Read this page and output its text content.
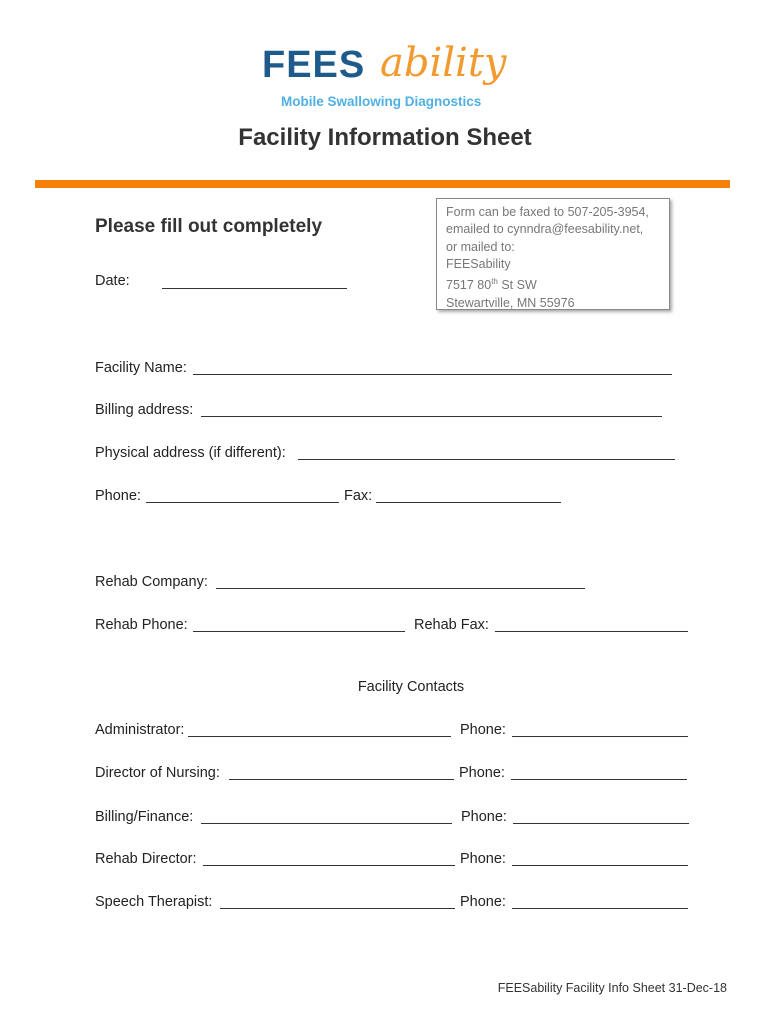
FEES ability
Mobile Swallowing Diagnostics
Facility Information Sheet
Please fill out completely
Date:
Form can be faxed to 507-205-3954,
emailed to cynndra@feesability.net,
or mailed to:
FEESability
7517 80th St SW
Stewartville, MN 55976
Facility Name:
Billing address:
Physical address (if different):
Phone:	Fax:
Rehab Company:
Rehab Phone:	Rehab Fax:
Facility Contacts
Administrator:	Phone:
Director of Nursing:	Phone:
Billing/Finance:	Phone:
Rehab Director:	Phone:
Speech Therapist:	Phone:
FEESability Facility Info Sheet 31-Dec-18
